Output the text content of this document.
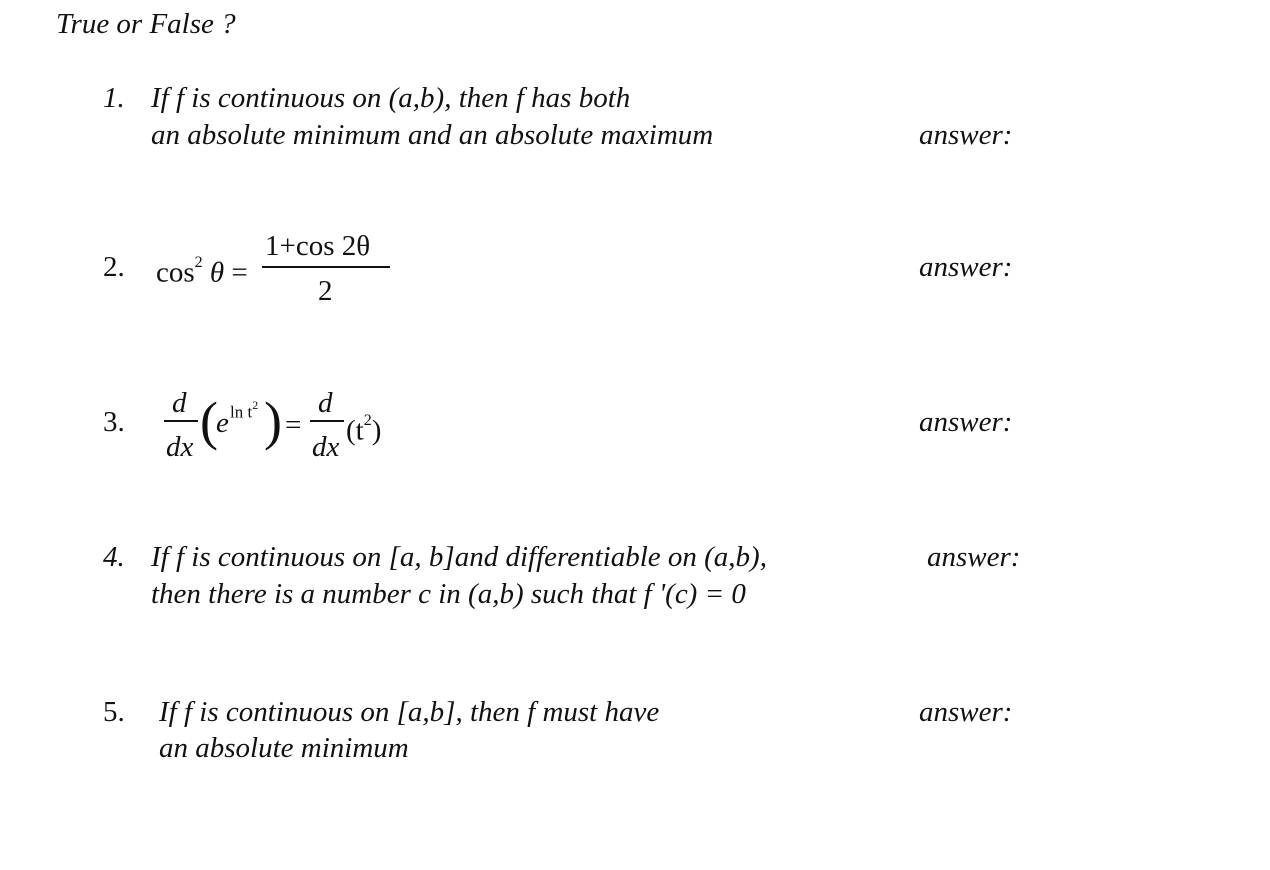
True or False ?
1. If f is continuous on (a,b), then f has both
an absolute minimum and an absolute maximum	answer:
2. $\cos^2 \theta$ =
1+cos 2θ
2
answer:
3.
d
dx (
e $\ln t^2$ ) =
d
dx
$(t^2)$	answer:
4. If f is continuous on [a, b]and differentiable on (a,b),
then there is a number c in (a,b) such that f '(c) = 0
answer:
5. If f is continuous on [a,b], then f must have
an absolute minimum
answer:
